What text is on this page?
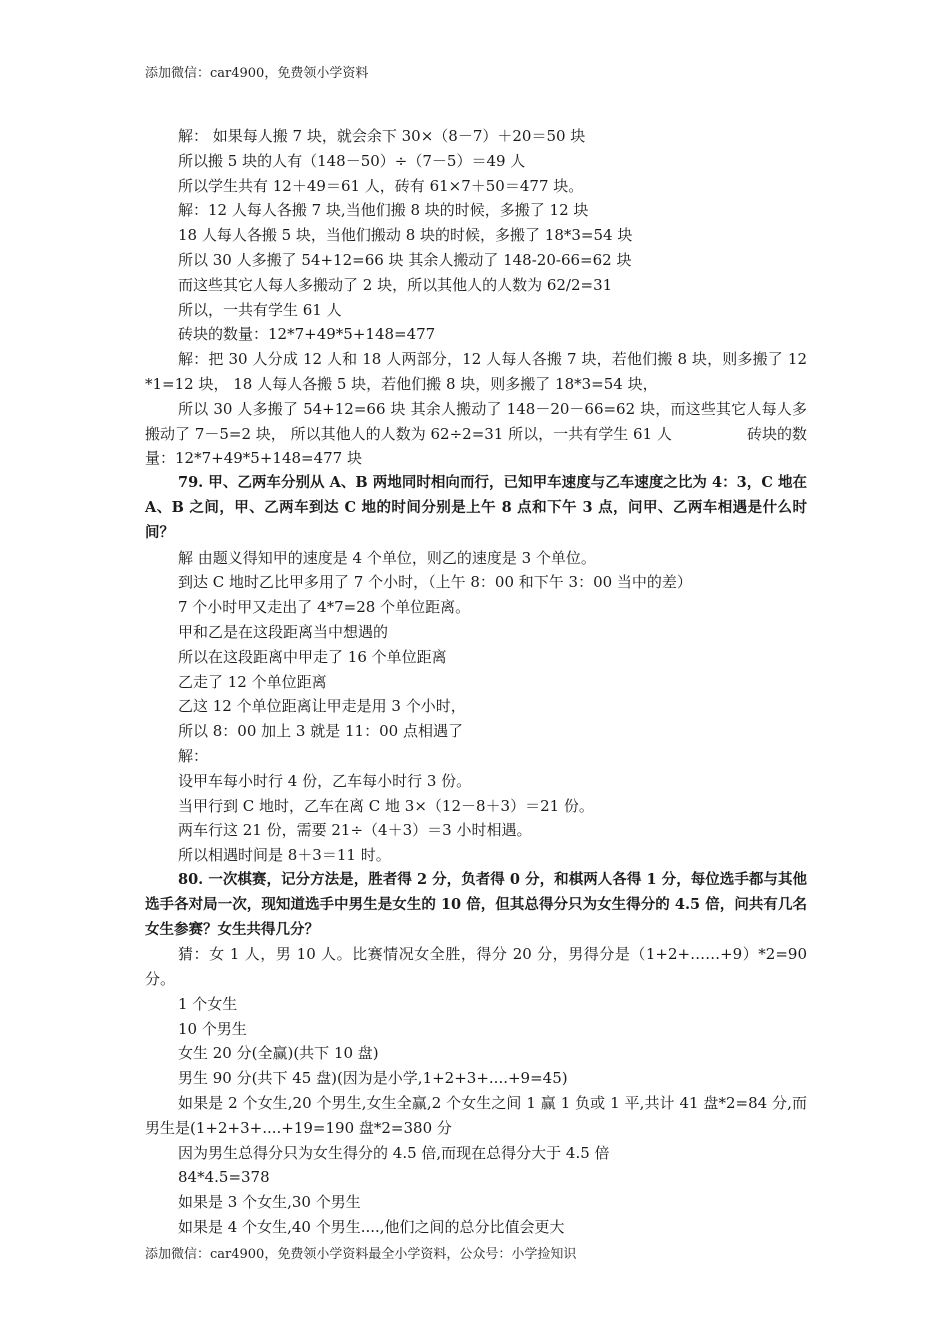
添加微信：car4900，免费领小学资料

解： 如果每人搬 7 块，就会余下 30×（8－7）＋20＝50 块

所以搬 5 块的人有（148－50）÷（7－5）＝49 人

所以学生共有 12＋49＝61 人，砖有 61×7＋50＝477 块。

解：12 人每人各搬 7 块,当他们搬 8 块的时候，多搬了 12 块

18 人每人各搬 5 块，当他们搬动 8 块的时候，多搬了 18*3=54 块

所以 30 人多搬了 54+12=66 块 其余人搬动了 148-20-66=62 块

而这些其它人每人多搬动了 2 块，所以其他人的人数为 62/2=31

所以，一共有学生 61 人

砖块的数量：12*7+49*5+148=477

解：把 30 人分成 12 人和 18 人两部分，12 人每人各搬 7 块，若他们搬 8 块，则多搬了 12*1=12 块， 18 人每人各搬 5 块，若他们搬 8 块，则多搬了 18*3=54 块，

所以 30 人多搬了 54+12=66 块 其余人搬动了 148－20－66=62 块，而这些其它人每人多搬动了 7－5=2 块， 所以其他人的人数为 62÷2=31 所以，一共有学生 61 人　　　　　砖块的数量：12*7+49*5+148=477 块

79. 甲、乙两车分别从 A、B 两地同时相向而行，已知甲车速度与乙车速度之比为 4：3，C 地在 A、B 之间，甲、乙两车到达 C 地的时间分别是上午 8 点和下午 3 点，问甲、乙两车相遇是什么时间？

解 由题义得知甲的速度是 4 个单位，则乙的速度是 3 个单位。

到达 C 地时乙比甲多用了 7 个小时，（上午 8：00 和下午 3：00 当中的差）

7 个小时甲又走出了 4*7=28 个单位距离。

甲和乙是在这段距离当中想遇的

所以在这段距离中甲走了 16 个单位距离

乙走了 12 个单位距离

乙这 12 个单位距离让甲走是用 3 个小时，

所以 8：00 加上 3 就是 11：00 点相遇了

解：

设甲车每小时行 4 份，乙车每小时行 3 份。

当甲行到 C 地时，乙车在离 C 地 3×（12－8＋3）＝21 份。

两车行这 21 份，需要 21÷（4＋3）＝3 小时相遇。

所以相遇时间是 8＋3＝11 时。

80. 一次棋赛，记分方法是，胜者得 2 分，负者得 0 分，和棋两人各得 1 分，每位选手都与其他选手各对局一次，现知道选手中男生是女生的 10 倍，但其总得分只为女生得分的 4.5 倍，问共有几名女生参赛？女生共得几分？

猜：女 1 人，男 10 人。比赛情况女全胜，得分 20 分，男得分是（1+2+……+9）*2=90 分。

1 个女生

10 个男生

女生 20 分(全赢)(共下 10 盘)

男生 90 分(共下 45 盘)(因为是小学,1+2+3+....+9=45)

如果是 2 个女生,20 个男生,女生全赢,2 个女生之间 1 赢 1 负或 1 平,共计 41 盘*2=84 分,而男生是(1+2+3+....+19=190 盘*2=380 分

因为男生总得分只为女生得分的 4.5 倍,而现在总得分大于 4.5 倍

84*4.5=378

如果是 3 个女生,30 个男生

如果是 4 个女生,40 个男生....,他们之间的总分比值会更大

添加微信：car4900，免费领小学资料最全小学资料，公众号：小学捡知识
